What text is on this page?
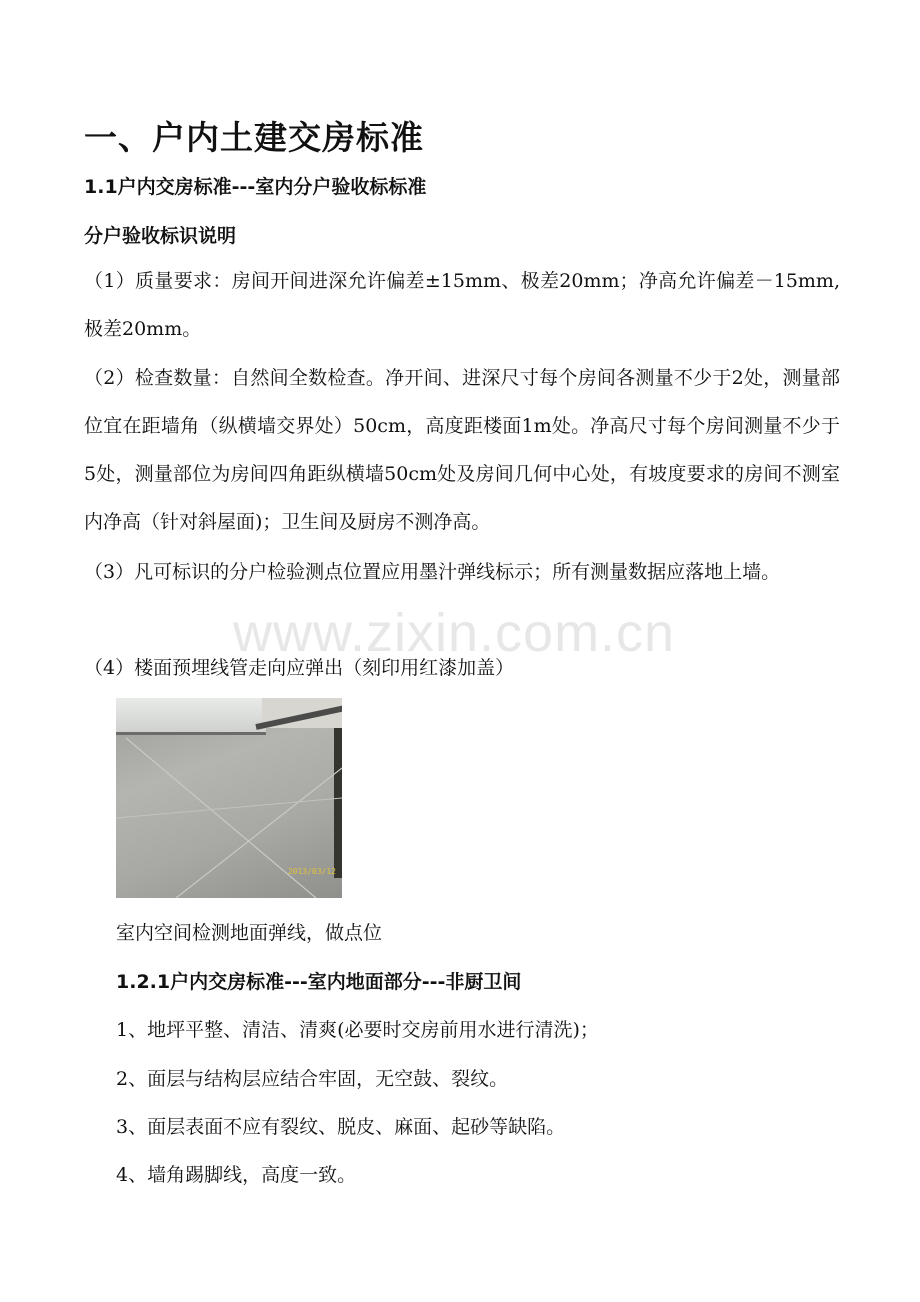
一、户内土建交房标准
1.1户内交房标准---室内分户验收标标准
分户验收标识说明
（1）质量要求：房间开间进深允许偏差±15mm、极差20mm；净高允许偏差－15mm, 极差20mm。
（2）检查数量：自然间全数检查。净开间、进深尺寸每个房间各测量不少于2处，测量部位宜在距墙角（纵横墙交界处）50cm，高度距楼面1m处。净高尺寸每个房间测量不少于5处，测量部位为房间四角距纵横墙50cm处及房间几何中心处，有坡度要求的房间不测室内净高（针对斜屋面)；卫生间及厨房不测净高。
（3）凡可标识的分户检验测点位置应用墨汁弹线标示；所有测量数据应落地上墙。
（4）楼面预埋线管走向应弹出（刻印用红漆加盖）
2013/03/12
室内空间检测地面弹线，做点位
1.2.1户内交房标准---室内地面部分---非厨卫间
1、地坪平整、清洁、清爽(必要时交房前用水进行清洗)；
2、面层与结构层应结合牢固，无空鼓、裂纹。
3、面层表面不应有裂纹、脱皮、麻面、起砂等缺陷。
4、墙角踢脚线，高度一致。
www.zixin.com.cn
